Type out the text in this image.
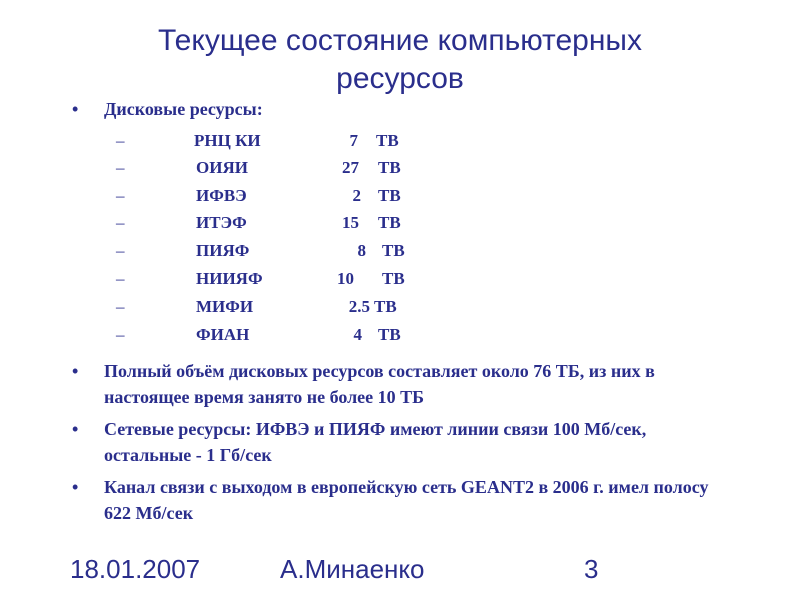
Текущее состояние компьютерных
ресурсов
• Дисковые ресурсы:
–	РНЦ КИ	7 TB
–	ОИЯИ	27 TB
–	ИФВЭ	2 TB
–	ИТЭФ	15 TB
–	ПИЯФ	8 TB
–	НИИЯФ	10 TB
–	МИФИ	2.5 TB
–	ФИАН	4 TB
• Полный объём дисковых ресурсов составляет около 76 ТБ, из них в настоящее время занято не более 10 ТБ
• Сетевые ресурсы: ИФВЭ и ПИЯФ имеют линии связи 100 Мб/сек, остальные - 1 Гб/сек
• Канал связи с выходом в европейскую сеть GEANT2 в 2006 г. имел полосу 622 Мб/сек
18.01.2007	А.Минаенко	3
